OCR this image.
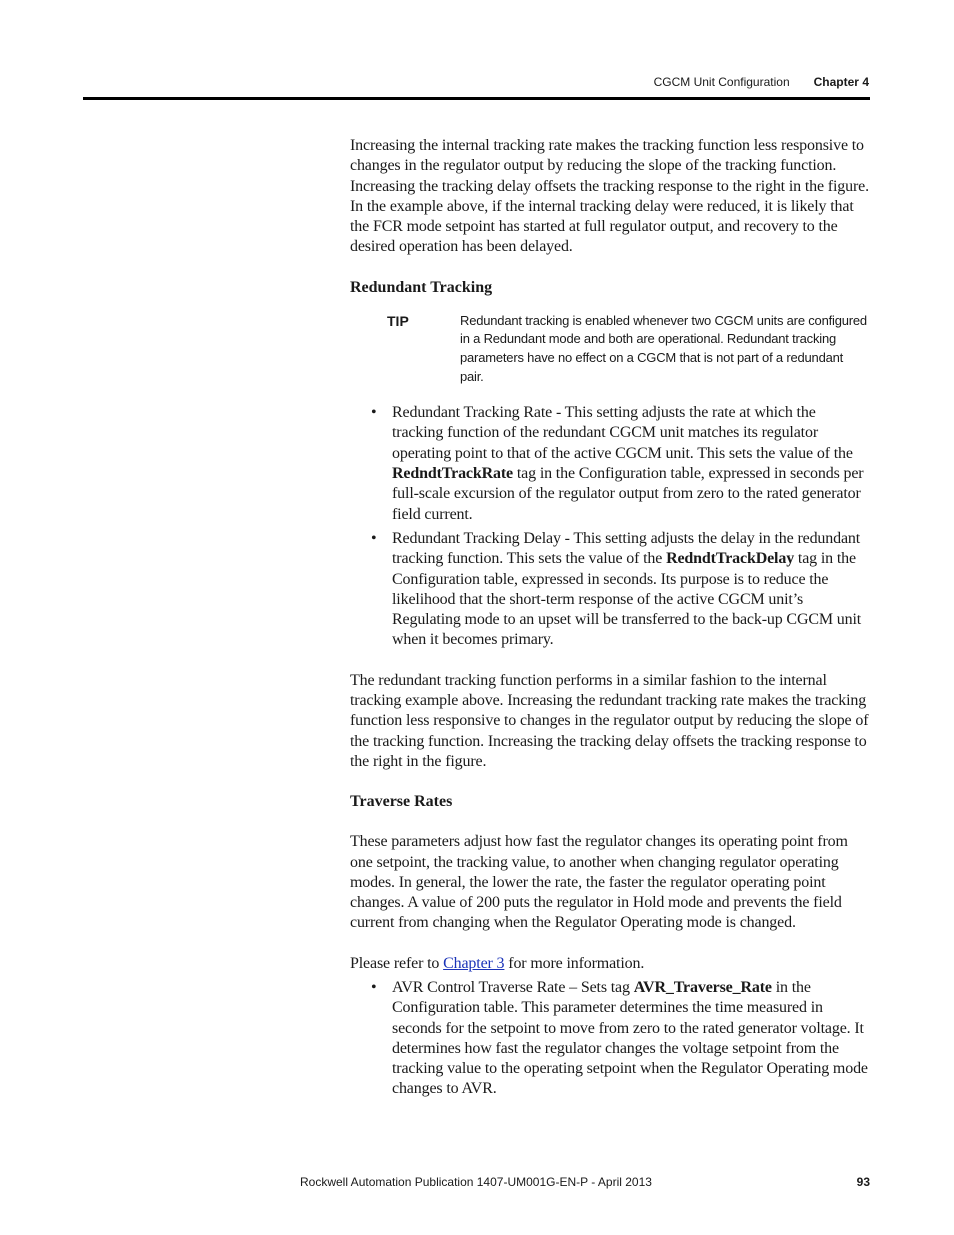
CGCM Unit Configuration Chapter 4

Increasing the internal tracking rate makes the tracking function less responsive to changes in the regulator output by reducing the slope of the tracking function. Increasing the tracking delay offsets the tracking response to the right in the figure. In the example above, if the internal tracking delay were reduced, it is likely that the FCR mode setpoint has started at full regulator output, and recovery to the desired operation has been delayed.

Redundant Tracking
TIP	Redundant tracking is enabled whenever two CGCM units are configured in a Redundant mode and both are operational. Redundant tracking parameters have no effect on a CGCM that is not part of a redundant pair.
• Redundant Tracking Rate - This setting adjusts the rate at which the tracking function of the redundant CGCM unit matches its regulator operating point to that of the active CGCM unit. This sets the value of the RedndtTrackRate tag in the Configuration table, expressed in seconds per full-scale excursion of the regulator output from zero to the rated generator field current.
• Redundant Tracking Delay - This setting adjusts the delay in the redundant tracking function. This sets the value of the RedndtTrackDelay tag in the Configuration table, expressed in seconds. Its purpose is to reduce the likelihood that the short-term response of the active CGCM unit’s Regulating mode to an upset will be transferred to the back-up CGCM unit when it becomes primary.

The redundant tracking function performs in a similar fashion to the internal tracking example above. Increasing the redundant tracking rate makes the tracking function less responsive to changes in the regulator output by reducing the slope of the tracking function. Increasing the tracking delay offsets the tracking response to the right in the figure.

Traverse Rates

These parameters adjust how fast the regulator changes its operating point from one setpoint, the tracking value, to another when changing regulator operating modes. In general, the lower the rate, the faster the regulator operating point changes. A value of 200 puts the regulator in Hold mode and prevents the field current from changing when the Regulator Operating mode is changed.

Please refer to Chapter 3 for more information.

• AVR Control Traverse Rate – Sets tag AVR_Traverse_Rate in the Configuration table. This parameter determines the time measured in seconds for the setpoint to move from zero to the rated generator voltage. It determines how fast the regulator changes the voltage setpoint from the tracking value to the operating setpoint when the Regulator Operating mode changes to AVR.
Rockwell Automation Publication 1407-UM001G-EN-P - April 2013	93
